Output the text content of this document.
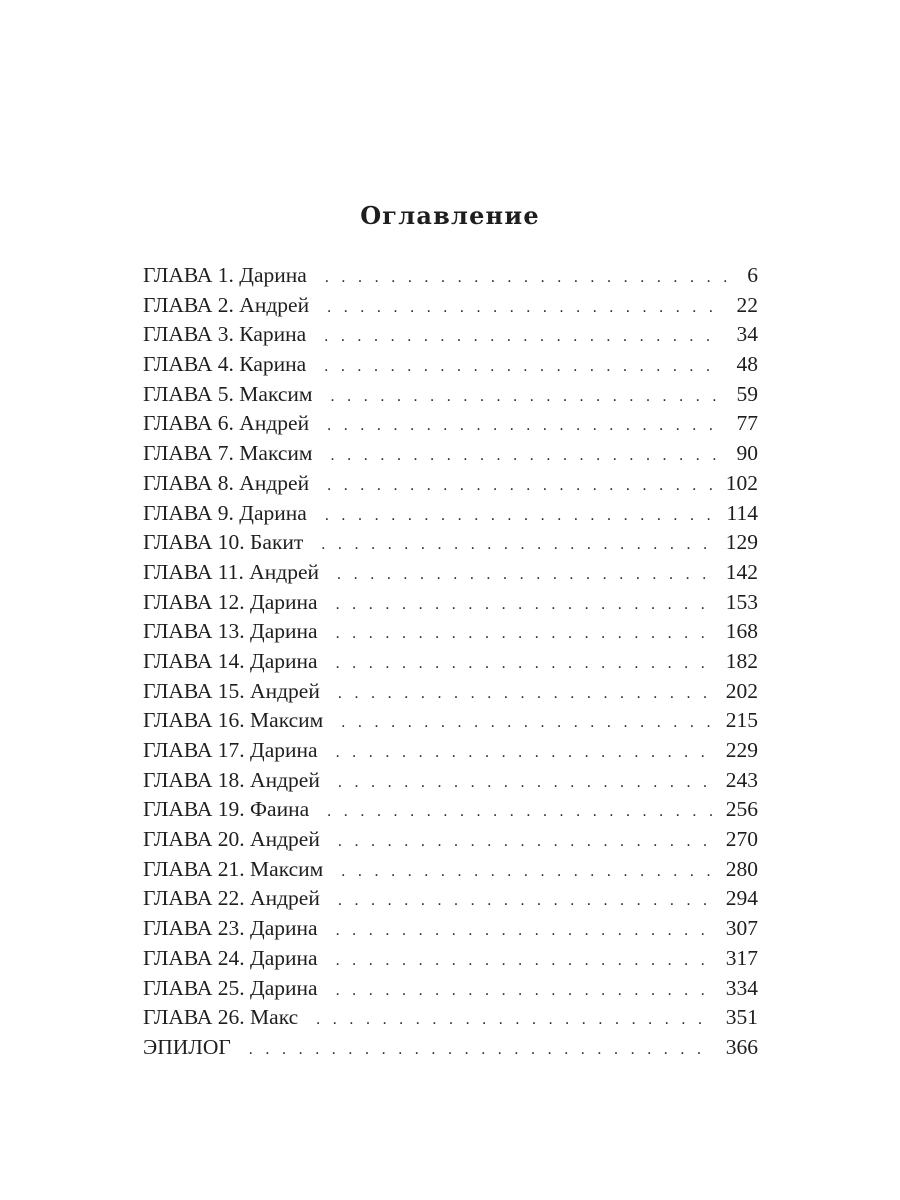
Оглавление
ГЛАВА 1. Дарина . . .	6
ГЛАВА 2. Андрей . . .	22
ГЛАВА 3. Карина . . .	34
ГЛАВА 4. Карина . . .	48
ГЛАВА 5. Максим . . .	59
ГЛАВА 6. Андрей . . .	77
ГЛАВА 7. Максим . . .	90
ГЛАВА 8. Андрей . . .	102
ГЛАВА 9. Дарина . . .	114
ГЛАВА 10. Бакит . . .	129
ГЛАВА 11. Андрей . . .	142
ГЛАВА 12. Дарина . . .	153
ГЛАВА 13. Дарина . . .	168
ГЛАВА 14. Дарина . . .	182
ГЛАВА 15. Андрей . . .	202
ГЛАВА 16. Максим . . .	215
ГЛАВА 17. Дарина . . .	229
ГЛАВА 18. Андрей . . .	243
ГЛАВА 19. Фаина . . .	256
ГЛАВА 20. Андрей . . .	270
ГЛАВА 21. Максим . . .	280
ГЛАВА 22. Андрей . . .	294
ГЛАВА 23. Дарина . . .	307
ГЛАВА 24. Дарина . . .	317
ГЛАВА 25. Дарина . . .	334
ГЛАВА 26. Макс . . .	351
ЭПИЛОГ . . .	366
